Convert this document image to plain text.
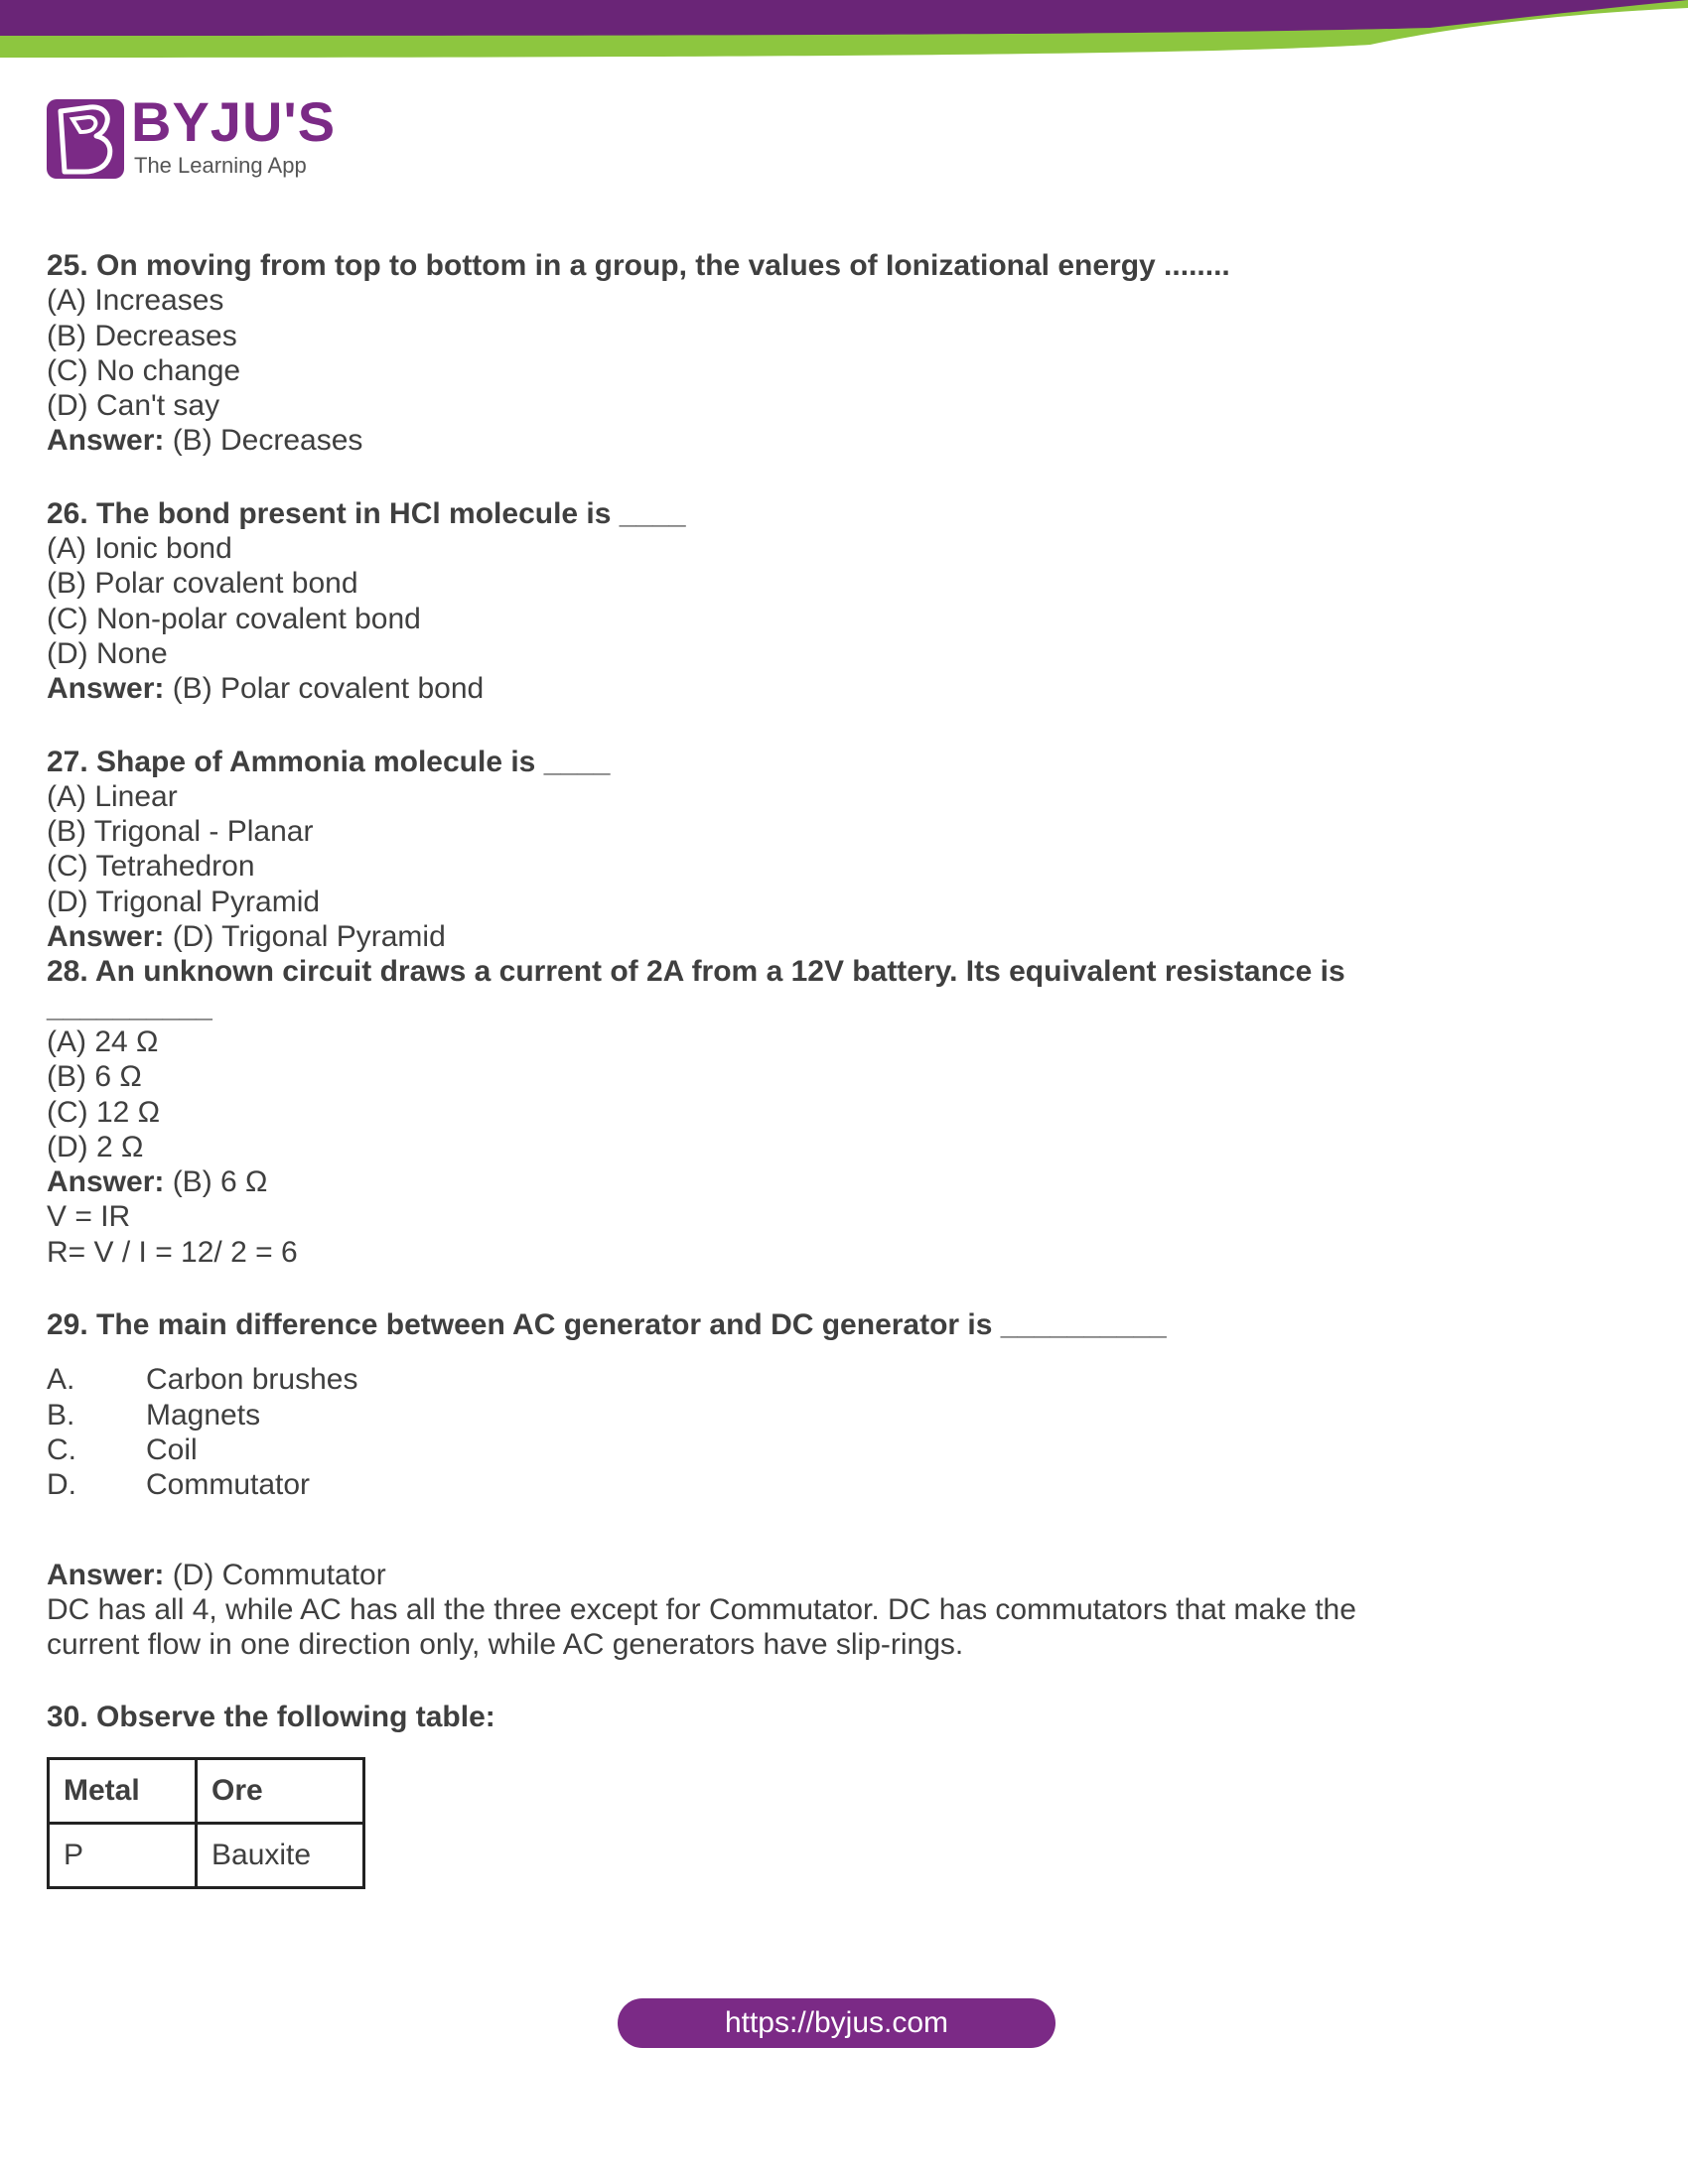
BYJU'S
The Learning App
25. On moving from top to bottom in a group, the values of Ionizational energy ........
(A) Increases
(B) Decreases
(C) No change
(D) Can't say
Answer: (B) Decreases
26. The bond present in HCl molecule is ____
(A) Ionic bond
(B) Polar covalent bond
(C) Non-polar covalent bond
(D) None
Answer: (B) Polar covalent bond
27. Shape of Ammonia molecule is ____
(A) Linear
(B) Trigonal - Planar
(C) Tetrahedron
(D) Trigonal Pyramid
Answer: (D) Trigonal Pyramid
28. An unknown circuit draws a current of 2A from a 12V battery. Its equivalent resistance is __________
(A) 24 Ω
(B) 6 Ω
(C) 12 Ω
(D) 2 Ω
Answer: (B) 6 Ω
V = IR
R= V / I = 12/ 2 = 6
29. The main difference between AC generator and DC generator is __________
A.	Carbon brushes
B.	Magnets
C.	Coil
D.	Commutator
Answer: (D) Commutator
DC has all 4, while AC has all the three except for Commutator. DC has commutators that make the current flow in one direction only, while AC generators have slip-rings.
30. Observe the following table:
Metal	Ore
P	Bauxite
https://byjus.com
